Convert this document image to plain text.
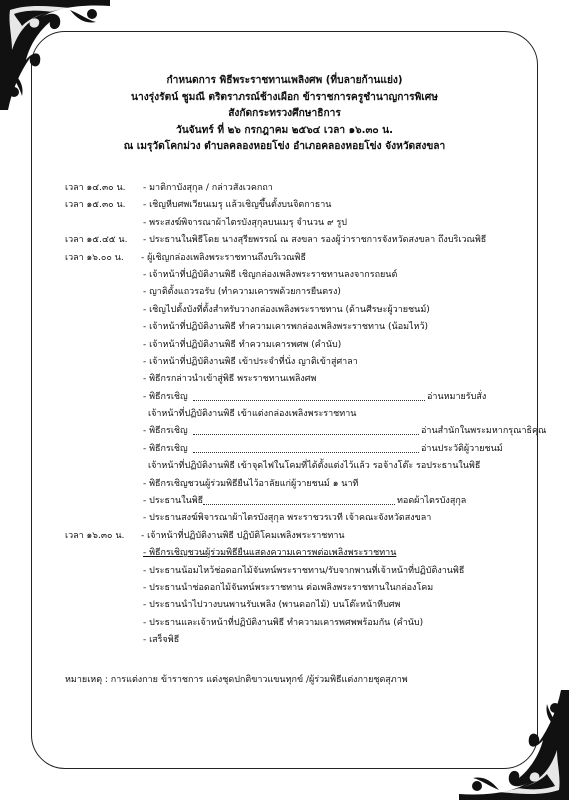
กำหนดการ พิธีพระราชทานเพลิงศพ (ที่บลายก้านแย่ง)
นางรุ่งรัตน์ ชูมณี ตริตราภรณ์ช้างเผือก ข้าราชการครูชำนาญการพิเศษ
สังกัดกระทรวงศึกษาธิการ
วันจันทร์ ที่ ๒๖ กรกฎาคม ๒๕๖๔ เวลา ๑๖.๓๐ น.
ณ เมรุวัดโคกม่วง ตำบลคลองหอยโข่ง อำเภอคลองหอยโข่ง จังหวัดสงขลา
เวลา ๑๔.๓๐ น. - มาติกาบังสุกุล / กล่าวสังเวคกถา
เวลา ๑๕.๓๐ น. - เชิญหีบศพเวียนเมรุ แล้วเชิญขึ้นตั้งบนจิตกาธาน
- พระสงฆ์พิจารณาผ้าไตรบังสุกุลบนเมรุ จำนวน ๙ รูป
เวลา ๑๕.๔๕ น. - ประธานในพิธีโดย นางสุรียพรรณ์ ณ สงขลา รองผู้ว่าราชการจังหวัดสงขลา ถึงบริเวณพิธี
เวลา ๑๖.๐๐ น. - ผู้เชิญกล่องเพลิงพระราชทานถึงบริเวณพิธี
- เจ้าหน้าที่ปฏิบัติงานพิธี เชิญกล่องเพลิงพระราชทานลงจากรถยนต์
- ญาติตั้งแถวรอรับ (ทำความเคารพด้วยการยืนตรง)
- เชิญไปตั้งบังที่ตั้งสำหรับวางกล่องเพลิงพระราชทาน (ด้านศีรษะผู้วายชนม์)
- เจ้าหน้าที่ปฏิบัติงานพิธี ทำความเคารพกล่องเพลิงพระราชทาน (น้อมไหว้)
- เจ้าหน้าที่ปฏิบัติงานพิธี ทำความเคารพศพ (คำนับ)
- เจ้าหน้าที่ปฏิบัติงานพิธี เข้าประจำที่นั่ง ญาติเข้าสู่ศาลา
- พิธีกรกล่าวนำเข้าสู่พิธี พระราชทานเพลิงศพ
- พิธีกรเชิญ	อ่านหมายรับสั่ง
เจ้าหน้าที่ปฏิบัติงานพิธี เข้าแต่งกล่องเพลิงพระราชทาน
- พิธีกรเชิญ	อ่านสำนักในพระมหากรุณาธิคุณ
- พิธีกรเชิญ	อ่านประวัติผู้วายชนม์
เจ้าหน้าที่ปฏิบัติงานพิธี เข้าจุดไฟในโคมที่ได้ตั้งแต่งไว้แล้ว รอจ้างโต๊ะ รอประธานในพิธี
- พิธีกรเชิญชวนผู้ร่วมพิธียืนไว้อาลัยแก่ผู้วายชนม์ ๑ นาที
- ประธานในพิธี	ทอดผ้าไตรบังสุกุล
- ประธานสงฆ์พิจารณาผ้าไตรบังสุกุล พระราชวรเวที เจ้าคณะจังหวัดสงขลา
เวลา ๑๖.๓๐ น. - เจ้าหน้าที่ปฏิบัติงานพิธี ปฏิบัติโคมเพลิงพระราชทาน
- พิธีกรเชิญชวนผู้ร่วมพิธียืนแสดงความเคารพต่อเพลิงพระราชทาน
- ประธานน้อมไหว้ช่อดอกไม้จันทน์พระราชทาน/รับจากพานที่เจ้าหน้าที่ปฏิบัติงานพิธี
- ประธานนำช่อดอกไม้จันทน์พระราชทาน ต่อเพลิงพระราชทานในกล่องโคม
- ประธานนำไปวางบนพานรับเพลิง (พานดอกไม้) บนโต๊ะหน้าหีบศพ
- ประธานและเจ้าหน้าที่ปฏิบัติงานพิธี ทำความเคารพศพพร้อมกัน (คำนับ)
- เสร็จพิธี
หมายเหตุ : การแต่งกาย ข้าราชการ แต่งชุดปกติขาวแขนทุกข์ /ผู้ร่วมพิธีแต่งกายชุดสุภาพ
